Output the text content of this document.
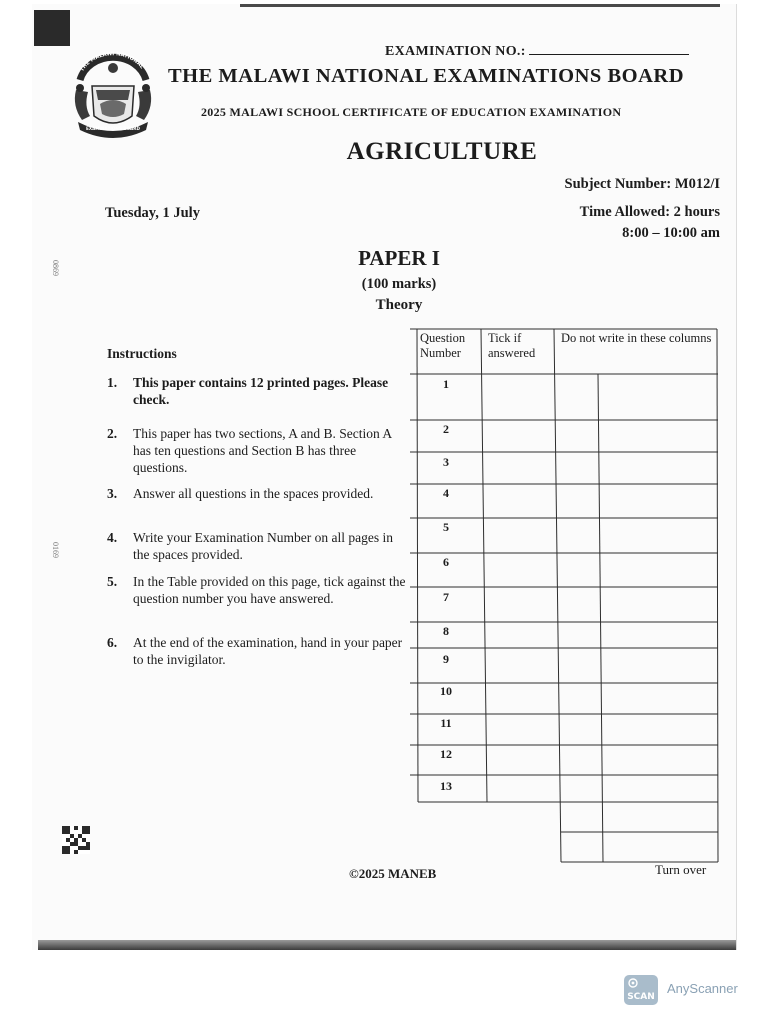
THE MALAWI NATIONAL
EXAMINATIONS BOARD
EXAMINATION NO.:
THE MALAWI NATIONAL EXAMINATIONS BOARD
2025 MALAWI SCHOOL CERTIFICATE OF EDUCATION EXAMINATION
AGRICULTURE
Subject Number: M012/I
Tuesday, 1 July	Time Allowed: 2 hours
8:00 – 10:00 am
PAPER I
(100 marks)
Theory
0869
0169
Instructions
1. This paper contains 12 printed pages. Please check.
2. This paper has two sections, A and B. Section A has ten questions and Section B has three questions.
3. Answer all questions in the spaces provided.
4. Write your Examination Number on all pages in the spaces provided.
5. In the Table provided on this page, tick against the question number you have answered.
6. At the end of the examination, hand in your paper to the invigilator.
Question Number
Tick if answered
Do not write in these columns
1
2
3
4
5
6
7
8
9
10
11
12
13
©2025 MANEB	Turn over
SCAN
AnyScanner
